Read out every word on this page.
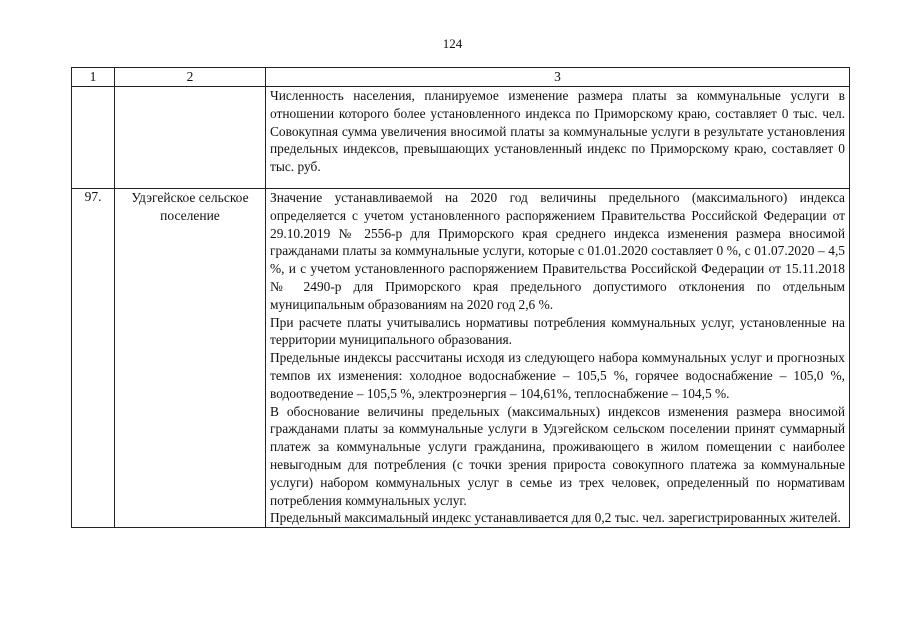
124
1	2	3

		Численность населения, планируемое изменение размера платы за коммунальные услуги в отношении которого более установленного индекса по Приморскому краю, составляет 0 тыс. чел. Совокупная сумма увеличения вносимой платы за коммунальные услуги в результате установления предельных индексов, превышающих установленный индекс по Приморскому краю, составляет 0 тыс. руб.

97.	Удэгейское сельское поселение	Значение устанавливаемой на 2020 год величины предельного (максимального) индекса определяется с учетом установленного распоряжением Правительства Российской Федерации от 29.10.2019 № 2556-р для Приморского края среднего индекса изменения размера вносимой гражданами платы за коммунальные услуги, которые с 01.01.2020 составляет 0 %, с 01.07.2020 – 4,5 %, и с учетом установленного распоряжением Правительства Российской Федерации от 15.11.2018 № 2490-р для Приморского края предельного допустимого отклонения по отдельным муниципальным образованиям на 2020 год 2,6 %.

При расчете платы учитывались нормативы потребления коммунальных услуг, установленные на территории муниципального образования.

Предельные индексы рассчитаны исходя из следующего набора коммунальных услуг и прогнозных темпов их изменения: холодное водоснабжение – 105,5 %, горячее водоснабжение – 105,0 %, водоотведение – 105,5 %, электроэнергия – 104,61%, теплоснабжение – 104,5 %.

В обоснование величины предельных (максимальных) индексов изменения размера вносимой гражданами платы за коммунальные услуги в Удэгейском сельском поселении принят суммарный платеж за коммунальные услуги гражданина, проживающего в жилом помещении с наиболее невыгодным для потребления (с точки зрения прироста совокупного платежа за коммунальные услуги) набором коммунальных услуг в семье из трех человек, определенный по нормативам потребления коммунальных услуг.

Предельный максимальный индекс устанавливается для 0,2 тыс. чел. зарегистрированных жителей.
